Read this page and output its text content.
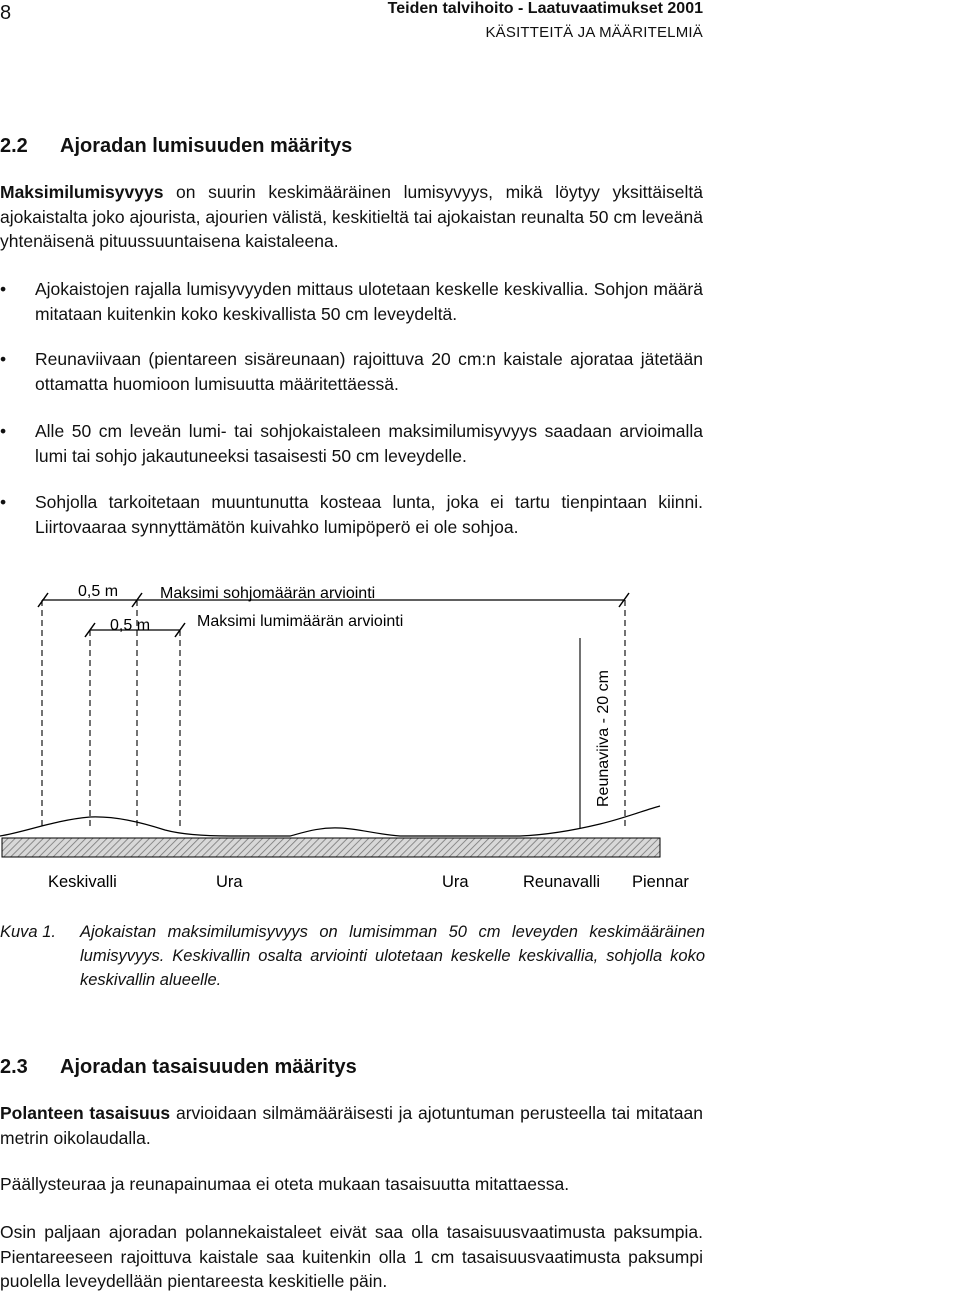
8	Teiden talvihoito - Laatuvaatimukset 2001
KÄSITTEITÄ JA MÄÄRITELMIÄ
2.2 Ajoradan lumisuuden määritys
Maksimilumisyvyys on suurin keskimääräinen lumisyvyys, mikä löytyy yksittäiseltä ajokaistalta joko ajourista, ajourien välistä, keskitieltä tai ajokaistan reunalta 50 cm leveänä yhtenäisenä pituussuuntaisena kaistaleena.
•	Ajokaistojen rajalla lumisyvyyden mittaus ulotetaan keskelle keskivallia. Sohjon määrä mitataan kuitenkin koko keskivallista 50 cm leveydeltä.
•	Reunaviivaan (pientareen sisäreunaan) rajoittuva 20 cm:n kaistale ajorataa jätetään ottamatta huomioon lumisuutta määritettäessä.
•	Alle 50 cm leveän lumi- tai sohjokaistaleen maksimilumisyvyys saadaan arvioimalla lumi tai sohjo jakautuneeksi tasaisesti 50 cm leveydelle.
•	Sohjolla tarkoitetaan muuntunutta kosteaa lunta, joka ei tartu tienpintaan kiinni. Liirtovaaraa synnyttämätön kuivahko lumipöperö ei ole sohjoa.
0,5 m	Maksimi sohjomäärän arviointi
0,5 m	Maksimi lumimäärän arviointi
Reunaviiva - 20 cm
Keskivalli	Ura	Ura	Reunavalli Piennar
Kuva 1. Ajokaistan maksimilumisyvyys on lumisimman 50 cm leveyden keskimääräinen lumisyvyys. Keskivallin osalta arviointi ulotetaan keskelle keskivallia, sohjolla koko keskivallin alueelle.
2.3 Ajoradan tasaisuuden määritys
Polanteen tasaisuus arvioidaan silmämääräisesti ja ajotuntuman perusteella tai mitataan metrin oikolaudalla.
Päällysteuraa ja reunapainumaa ei oteta mukaan tasaisuutta mitattaessa.
Osin paljaan ajoradan polannekaistaleet eivät saa olla tasaisuusvaatimusta paksumpia. Pientareeseen rajoittuva kaistale saa kuitenkin olla 1 cm tasaisuusvaatimusta paksumpi puolella leveydellään pientareesta keskitielle päin.
